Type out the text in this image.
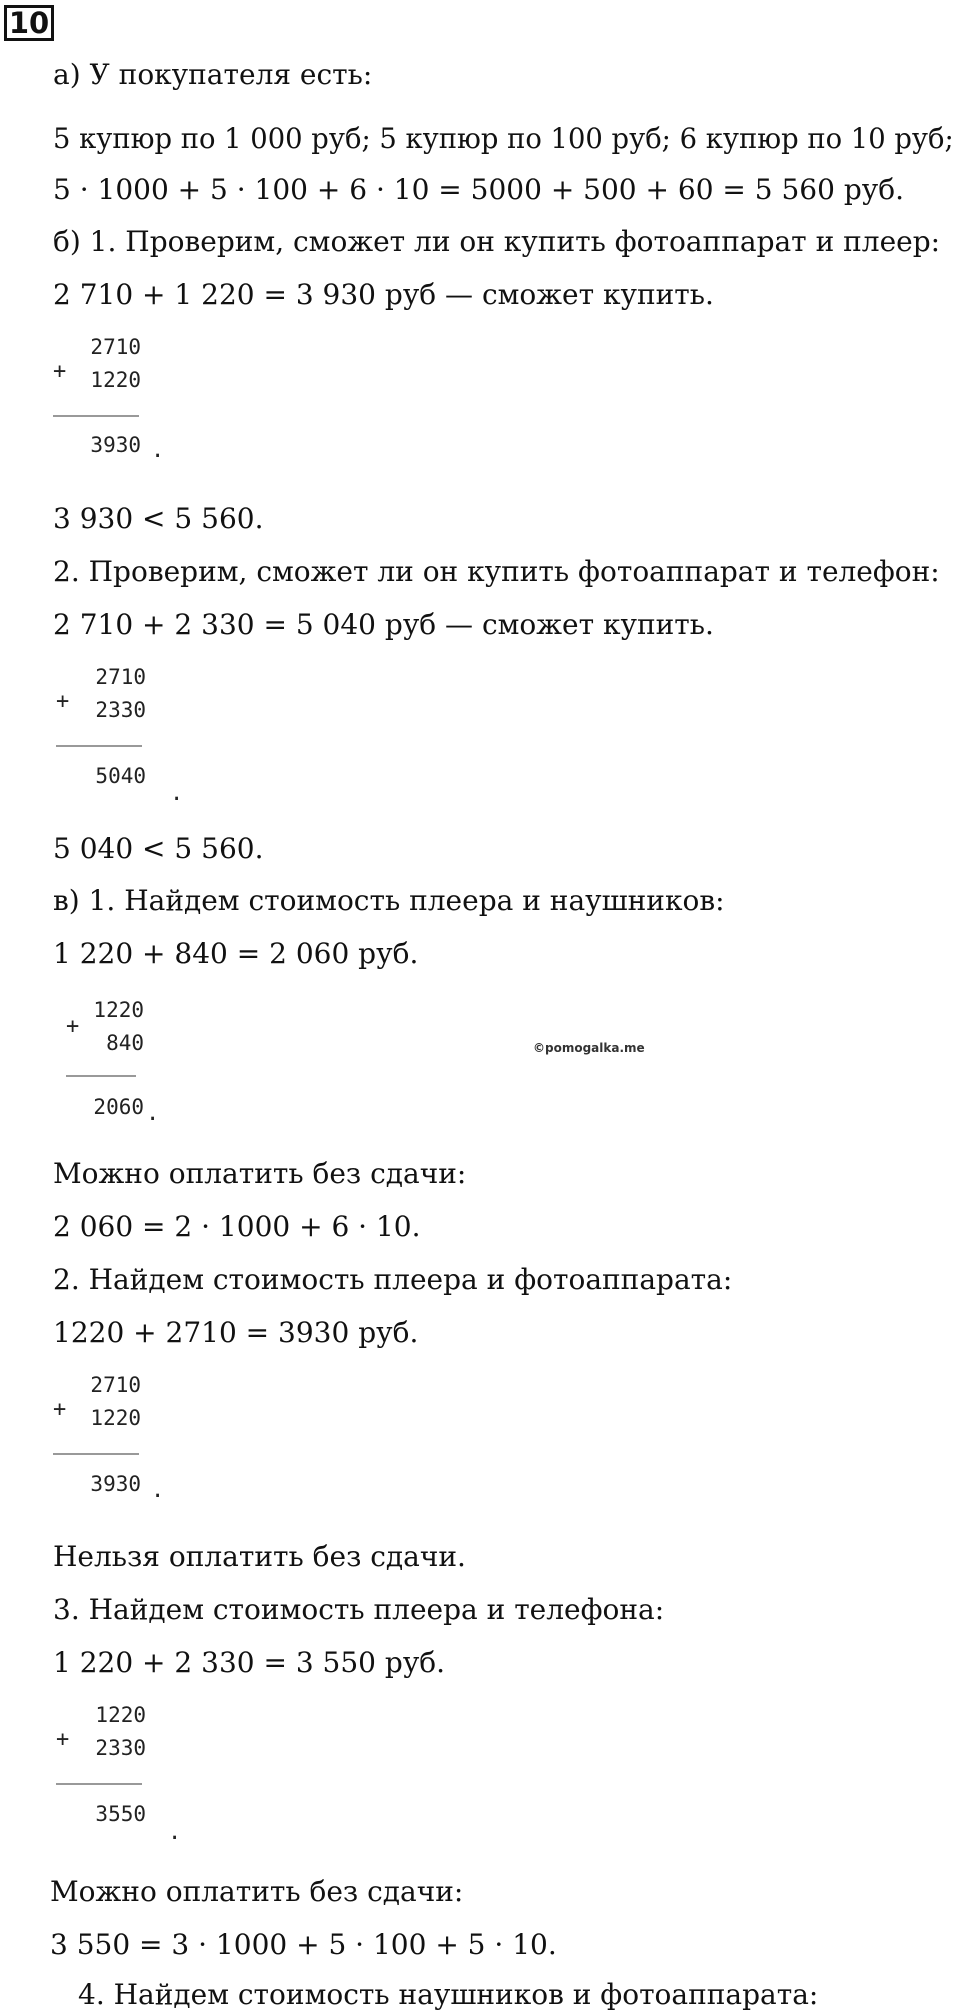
10
а) У покупателя есть:
5 купюр по 1 000 руб; 5 купюр по 100 руб; 6 купюр по 10 руб;
5 · 1000 + 5 · 100 + 6 · 10 = 5000 + 500 + 60 = 5 560 руб.
б) 1. Проверим, сможет ли он купить фотоаппарат и плеер:
2 710 + 1 220 = 3 930 руб — сможет купить.
+
2710
1220
3930 .
3 930 < 5 560.
2. Проверим, сможет ли он купить фотоаппарат и телефон:
2 710 + 2 330 = 5 040 руб — сможет купить.
+
2710
2330
5040
.
5 040 < 5 560.
в) 1. Найдем стоимость плеера и наушников:
1 220 + 840 = 2 060 руб.
+
1220
840
2060 .
©pomogalka.me
Можно оплатить без сдачи:
2 060 = 2 · 1000 + 6 · 10.
2. Найдем стоимость плеера и фотоаппарата:
1220 + 2710 = 3930 руб.
+
2710
1220
3930 .
Нельзя оплатить без сдачи.
3. Найдем стоимость плеера и телефона:
1 220 + 2 330 = 3 550 руб.
+
1220
2330
3550
.
Можно оплатить без сдачи:
3 550 = 3 · 1000 + 5 · 100 + 5 · 10.
4. Найдем стоимость наушников и фотоаппарата:
